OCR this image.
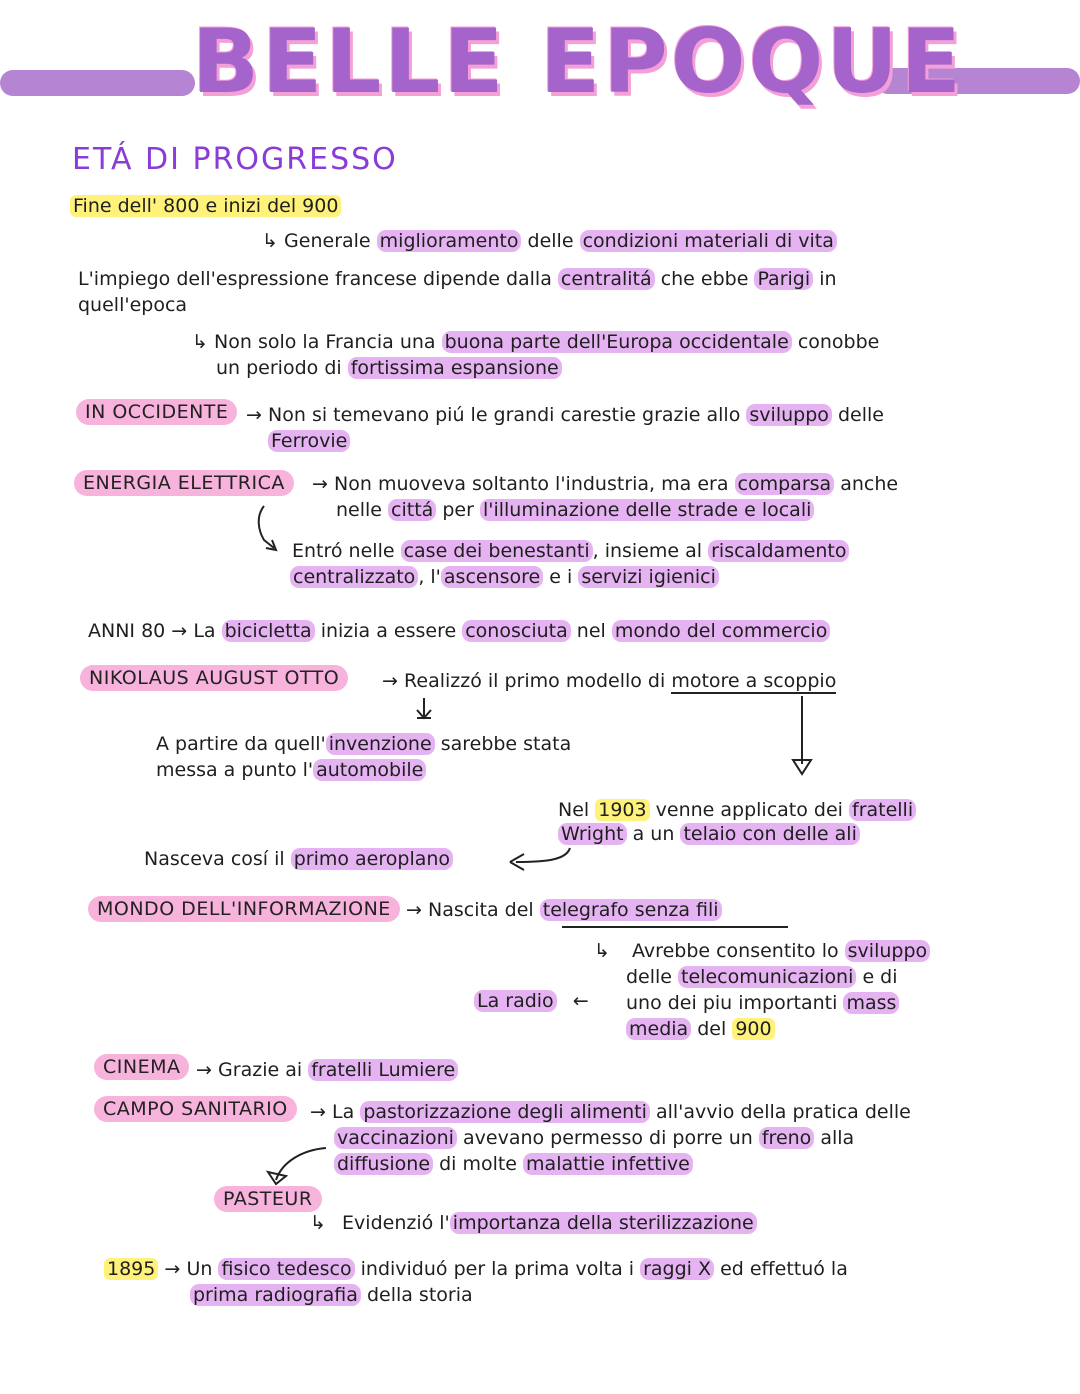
BELLE EPOQUE
ETÁ DI PROGRESSO
Fine dell' 800 e inizi del 900
↳ Generale miglioramento delle condizioni materiali di vita
L'impiego dell'espressione francese dipende dalla centralitá che ebbe Parigi in
quell'epoca
↳ Non solo la Francia una buona parte dell'Europa occidentale conobbe
un periodo di fortissima espansione
IN OCCIDENTE → Non si temevano piú le grandi carestie grazie allo sviluppo delle
Ferrovie
ENERGIA ELETTRICA	→ Non muoveva soltanto l'industria, ma era comparsa anche
nelle cittá per l'illuminazione delle strade e locali
Entró nelle case dei benestanti , insieme al riscaldamento
centralizzato , l' ascensore e i servizi igienici
ANNI 80 → La bicicletta inizia a essere conosciuta nel mondo del commercio
NIKOLAUS AUGUST OTTO	→ Realizzó il primo modello di motore a scoppio
A partire da quell' invenzione sarebbe stata
messa a punto l' automobile
Nel 1903 venne applicato dei fratelli
Wright a un telaio con delle ali
Nasceva cosí il primo aeroplano
MONDO DELL'INFORMAZIONE → Nascita del telegrafo senza fili
↳ Avrebbe consentito lo sviluppo
delle telecomunicazioni e di
uno dei piu importanti mass
media del 900
La radio ←
CINEMA → Grazie ai fratelli Lumiere
CAMPO SANITARIO	→ La pastorizzazione degli alimenti all'avvio della pratica delle
vaccinazioni avevano permesso di porre un freno alla
diffusione di molte malattie infettive
PASTEUR
↳ Evidenzió l' importanza della sterilizzazione
1895 → Un fisico tedesco individuó per la prima volta i raggi X ed effettuó la
prima radiografia della storia
